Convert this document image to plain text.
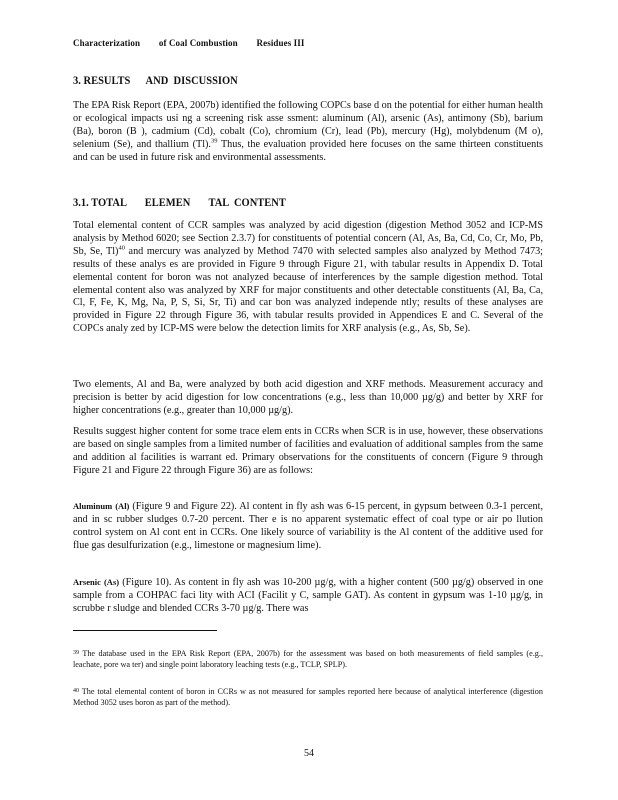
Characterization of Coal Combustion Residues III
3. RESULTS      AND  DISCUSSION

The EPA Risk Report (EPA, 2007b) identified the following COPCs base d on the potential for either human health or ecological impacts usi ng a screening risk asse ssment: aluminum (Al), arsenic (As), antimony (Sb), barium (Ba), boron (B ), cadmium (Cd), cobalt (Co), chromium (Cr), lead (Pb), mercury (Hg), molybdenum (M o), selenium (Se), and thallium (Tl).$^{39}$ Thus, the evaluation provided here focuses on the same thirteen constituents and can be used in future risk and environmental assessments.

3.1. TOTAL       ELEMEN       TAL  CONTENT

Total elemental content of CCR samples was analyzed by acid digestion (digestion Method 3052 and ICP-MS analysis by Method 6020; see Section 2.3.7) for constituents of potential concern (Al, As, Ba, Cd, Co, Cr, Mo, Pb, Sb, Se, Tl)$^{40}$ and mercury was analyzed by Method 7470 with selected samples also analyzed by Method 7473; results of these analys es are provided in Figure 9 through Figure 21, with tabular results in Appendix D. Total elemental content for boron was not analyzed because of interferences by the sample digestion method. Total elemental content also was analyzed by XRF for major constituents and other detectable constituents (Al, Ba, Ca, Cl, F, Fe, K, Mg, Na, P, S, Si, Sr, Ti) and car bon was analyzed independe ntly; results of these analyses are provided in Figure 22 through Figure 36, with tabular results provided in Appendices E and C. Several of the COPCs analy zed by ICP-MS were below the detection limits for XRF analysis (e.g., As, Sb, Se).

Two elements, Al and Ba, were analyzed by both acid digestion and XRF methods. Measurement accuracy and precision is better by acid digestion for low concentrations (e.g., less than 10,000 µg/g) and better by XRF for higher concentrations (e.g., greater than 10,000 µg/g).

Results suggest higher content for some trace elem ents in CCRs when SCR is in use, however, these observations are based on single samples from a limited number of facilities and evaluation of additional samples from the same and addition al facilities is warrant ed. Primary observations for the constituents of concern (Figure 9 through Figure 21 and Figure 22 through Figure 36) are as follows:

Aluminum (Al) (Figure 9 and Figure 22). Al content in fly ash was 6-15 percent, in gypsum between 0.3-1 percent, and in sc rubber sludges 0.7-20 percent. Ther e is no apparent systematic effect of coal type or air po llution control system on Al cont ent in CCRs. One likely source of variability is the Al content of the additive used for flue gas desulfurization (e.g., limestone or magnesium lime).

Arsenic (As) (Figure 10). As content in fly ash was 10-200 µg/g, with a higher content (500 µg/g) observed in one sample from a COHPAC faci lity with ACI (Facilit y C, sample GAT). As content in gypsum was 1-10 µg/g, in scrubbe r sludge and blended CCRs 3-70 µg/g. There was

$^{39}$ The database used in the EPA Risk Report (EPA, 2007b) for the assessment was based on both measurements of field samples (e.g., leachate, pore wa ter) and single point laboratory leaching tests (e.g., TCLP, SPLP).

$^{40}$ The total elemental content of boron in CCRs w as not measured for samples reported here because of analytical interference (digestion Method 3052 uses boron as part of the method).

54
